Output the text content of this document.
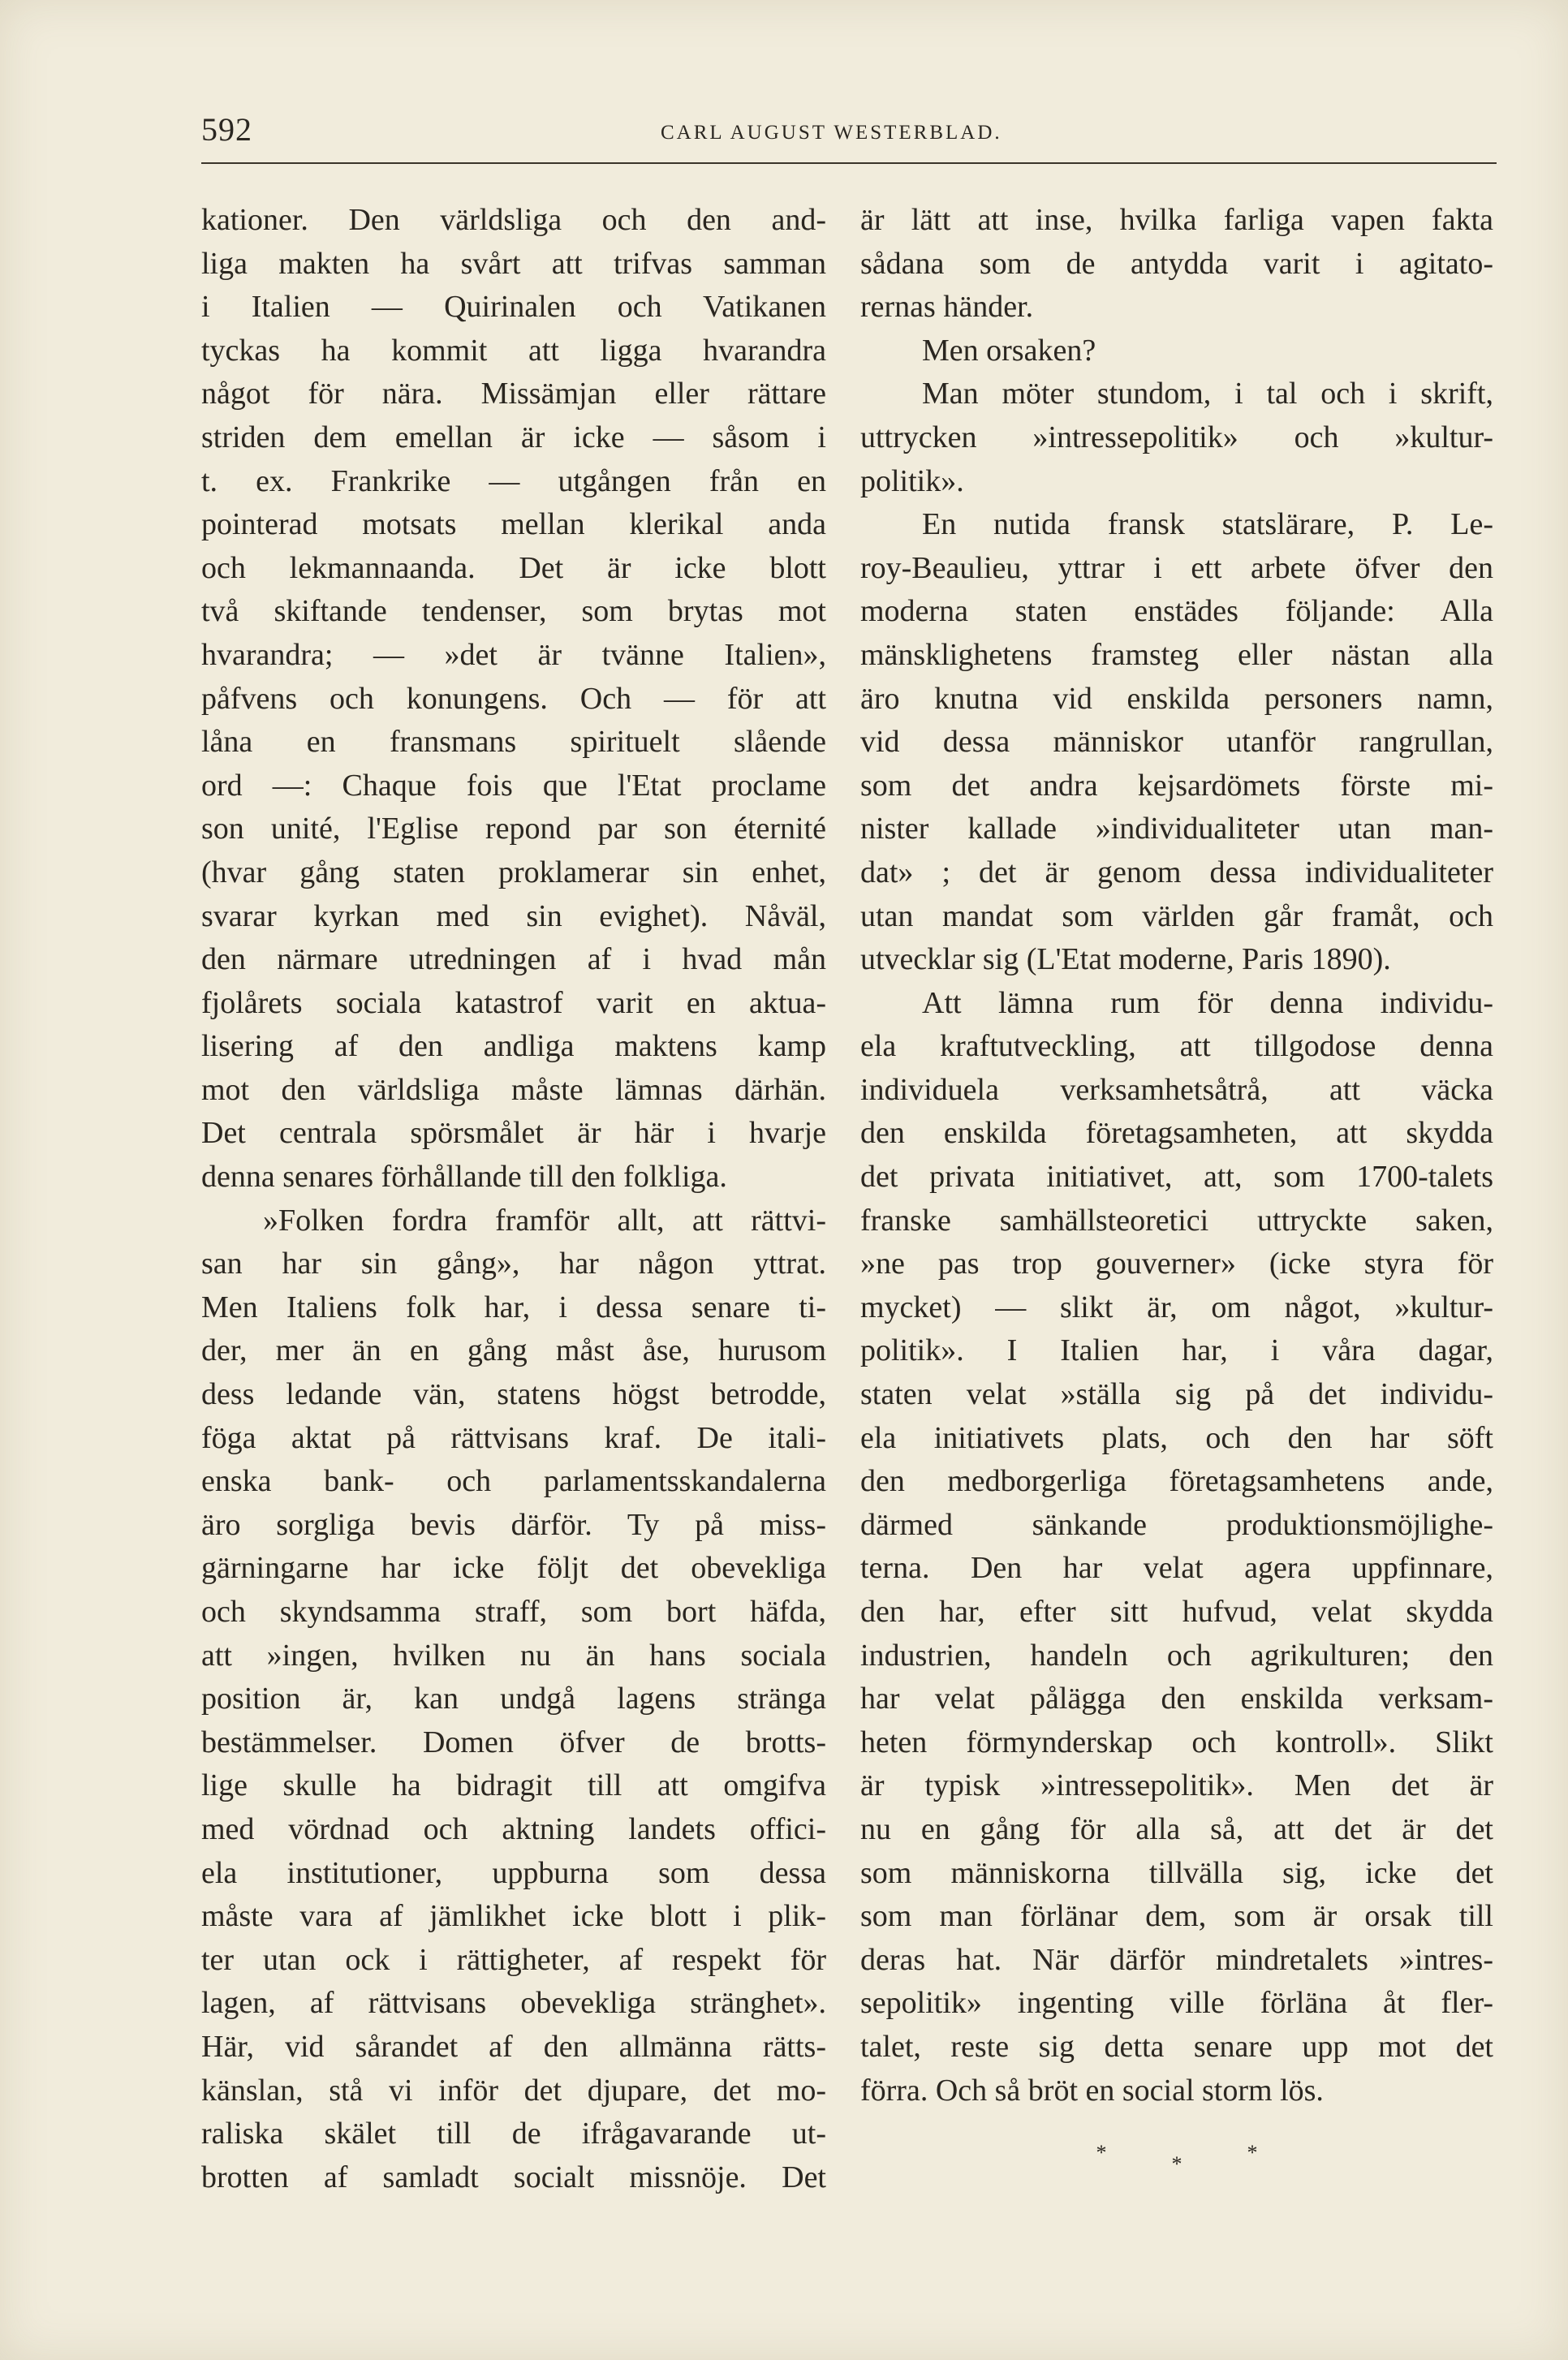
592	CARL AUGUST WESTERBLAD.
kationer. Den världsliga och den and-
liga makten ha svårt att trifvas samman
i Italien — Quirinalen och Vatikanen
tyckas ha kommit att ligga hvarandra
något för nära. Missämjan eller rättare
striden dem emellan är icke — såsom i
t. ex. Frankrike — utgången från en
pointerad motsats mellan klerikal anda
och lekmannaanda. Det är icke blott
två skiftande tendenser, som brytas mot
hvarandra; — »det är tvänne Italien»,
påfvens och konungens. Och — för att
låna en fransmans spirituelt slående
ord —: Chaque fois que l'Etat proclame
son unité, l'Eglise repond par son éternité
(hvar gång staten proklamerar sin enhet,
svarar kyrkan med sin evighet). Nåväl,
den närmare utredningen af i hvad mån
fjolårets sociala katastrof varit en aktua-
lisering af den andliga maktens kamp
mot den världsliga måste lämnas därhän.
Det centrala spörsmålet är här i hvarje
denna senares förhållande till den folkliga.
»Folken fordra framför allt, att rättvi-
san har sin gång», har någon yttrat.
Men Italiens folk har, i dessa senare ti-
der, mer än en gång måst åse, hurusom
dess ledande vän, statens högst betrodde,
föga aktat på rättvisans kraf. De itali-
enska bank- och parlamentsskandalerna
äro sorgliga bevis därför. Ty på miss-
gärningarne har icke följt det obevekliga
och skyndsamma straff, som bort häfda,
att »ingen, hvilken nu än hans sociala
position är, kan undgå lagens stränga
bestämmelser. Domen öfver de brotts-
lige skulle ha bidragit till att omgifva
med vördnad och aktning landets offici-
ela institutioner, uppburna som dessa
måste vara af jämlikhet icke blott i plik-
ter utan ock i rättigheter, af respekt för
lagen, af rättvisans obevekliga stränghet».
Här, vid sårandet af den allmänna rätts-
känslan, stå vi inför det djupare, det mo-
raliska skälet till de ifrågavarande ut-
brotten af samladt socialt missnöje. Det
är lätt att inse, hvilka farliga vapen fakta
sådana som de antydda varit i agitato-
rernas händer.
Men orsaken?
Man möter stundom, i tal och i skrift,
uttrycken »intressepolitik» och »kultur-
politik».
En nutida fransk statslärare, P. Le-
roy-Beaulieu, yttrar i ett arbete öfver den
moderna staten enstädes följande: Alla
mänsklighetens framsteg eller nästan alla
äro knutna vid enskilda personers namn,
vid dessa människor utanför rangrullan,
som det andra kejsardömets förste mi-
nister kallade »individualiteter utan man-
dat» ; det är genom dessa individualiteter
utan mandat som världen går framåt, och
utvecklar sig (L'Etat moderne, Paris 1890).
Att lämna rum för denna individu-
ela kraftutveckling, att tillgodose denna
individuela verksamhetsåtrå, att väcka
den enskilda företagsamheten, att skydda
det privata initiativet, att, som 1700-talets
franske samhällsteoretici uttryckte saken,
»ne pas trop gouverner» (icke styra för
mycket) — slikt är, om något, »kultur-
politik». I Italien har, i våra dagar,
staten velat »ställa sig på det individu-
ela initiativets plats, och den har söft
den medborgerliga företagsamhetens ande,
därmed sänkande produktionsmöjlighe-
terna. Den har velat agera uppfinnare,
den har, efter sitt hufvud, velat skydda
industrien, handeln och agrikulturen; den
har velat pålägga den enskilda verksam-
heten förmynderskap och kontroll». Slikt
är typisk »intressepolitik». Men det är
nu en gång för alla så, att det är det
som människorna tillvälla sig, icke det
som man förlänar dem, som är orsak till
deras hat. När därför mindretalets »intres-
sepolitik» ingenting ville förläna åt fler-
talet, reste sig detta senare upp mot det
förra. Och så bröt en social storm lös.
*	*	*
